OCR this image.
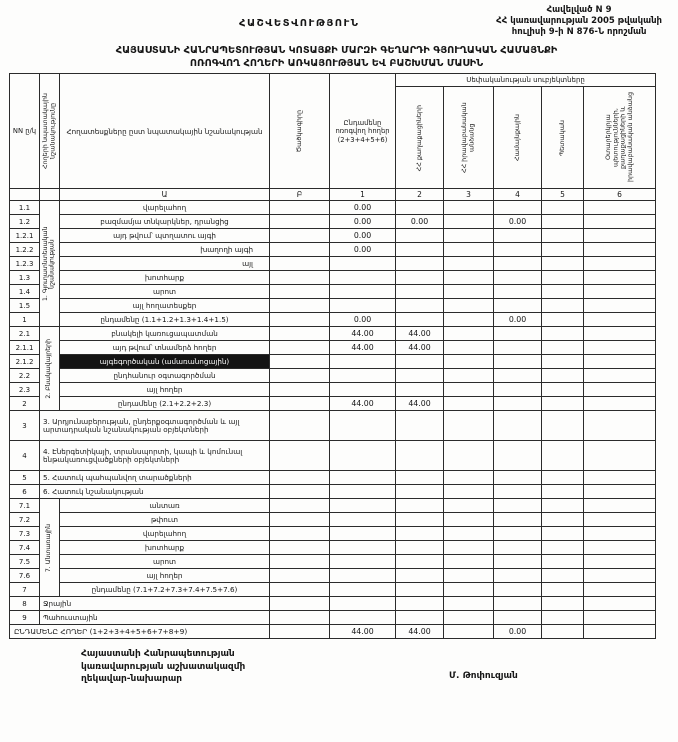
ՀԱՇՎԵՏՎՈՒԹՅՈՒՆ
Հավելված N 9
ՀՀ կառավարության 2005 թվականի
հուլիսի 9-ի N 876-Ն որոշման
ՀԱՅԱՍՏԱՆԻ ՀԱՆՐԱՊԵՏՈՒԹՅԱՆ ԿՈՏԱՅՔԻ ՄԱՐԶԻ ԳԵՂԱՐԴԻ ԳՅՈՒՂԱԿԱՆ ՀԱՄԱՅՆՔԻ
ՈՌՈԳՎՈՂ ՀՈՂԵՐԻ ԱՌԿԱՅՈՒԹՅԱՆ ԵՎ ԲԱՇԽՄԱՆ ՄԱՍԻՆ
NN ը/կ	Հողերի նպատակային նշանակությունը	Հողատեսքները ըստ նպատակային նշանակության	Ծածկագիրը	Ընդամենը ոռոգվող հողեր (2+3+4+5+6)	Սեփականության սուբյեկտները				

					ՀՀ քաղաքացիների	ՀՀ իրավաբանական անձանց	Համայնքային	Պետական	Օտարերկրյա պետությունների, քաղաքացիների և իրավաբանական անձանց

		Ա	Բ	1	2	3	4	5	6
1.1	1. Գյուղատնտեսական նշանակության	վարելահող		0.00					
1.2		բազմամյա տնկարկներ, դրանցից		0.00	0.00		0.00		
1.2.1		այդ թվում՝ պտղատու այգի		0.00					
1.2.2		խաղողի այգի		0.00					
1.2.3		այլ							
1.3		խոտհարք							
1.4		արոտ							
1.5		այլ հողատեսքեր							
1		ընդամենը (1.1+1.2+1.3+1.4+1.5)		0.00			0.00		
2.1	2. Բնակավայրերի	բնակելի կառուցապատման		44.00	44.00				
2.1.1		այդ թվում՝ տնամերձ հողեր		44.00	44.00				
2.1.2		այգեգործական (ամառանոցային)							
2.2		ընդհանուր օգտագործման							
2.3		այլ հողեր							
2		ընդամենը (2.1+2.2+2.3)		44.00	44.00				
3	3. Արդյունաբերության, ընդերքօգտագործման և այլ արտադրական նշանակության օբյեկտների								
4	4. Էներգետիկայի, տրանսպորտի, կապի և կոմունալ ենթակառուցվածքների օբյեկտների								
5	5. Հատուկ պահպանվող տարածքների								
6	6. Հատուկ նշանակության								
7.1	7. Անտառային	անտառ							
7.2		թփուտ							
7.3		վարելահող							
7.4		խոտհարք							
7.5		արոտ							
7.6		այլ հողեր							
7		ընդամենը (7.1+7.2+7.3+7.4+7.5+7.6)							
8	Ջրային								
9	Պահուստային								
ԸՆԴԱՄԵՆԸ ՀՈՂԵՐ (1+2+3+4+5+6+7+8+9)				44.00	44.00		0.00		
Հայաստանի Հանրապետության
կառավարության աշխատակազմի
ղեկավար-նախարար	Մ. Թոփուզյան
